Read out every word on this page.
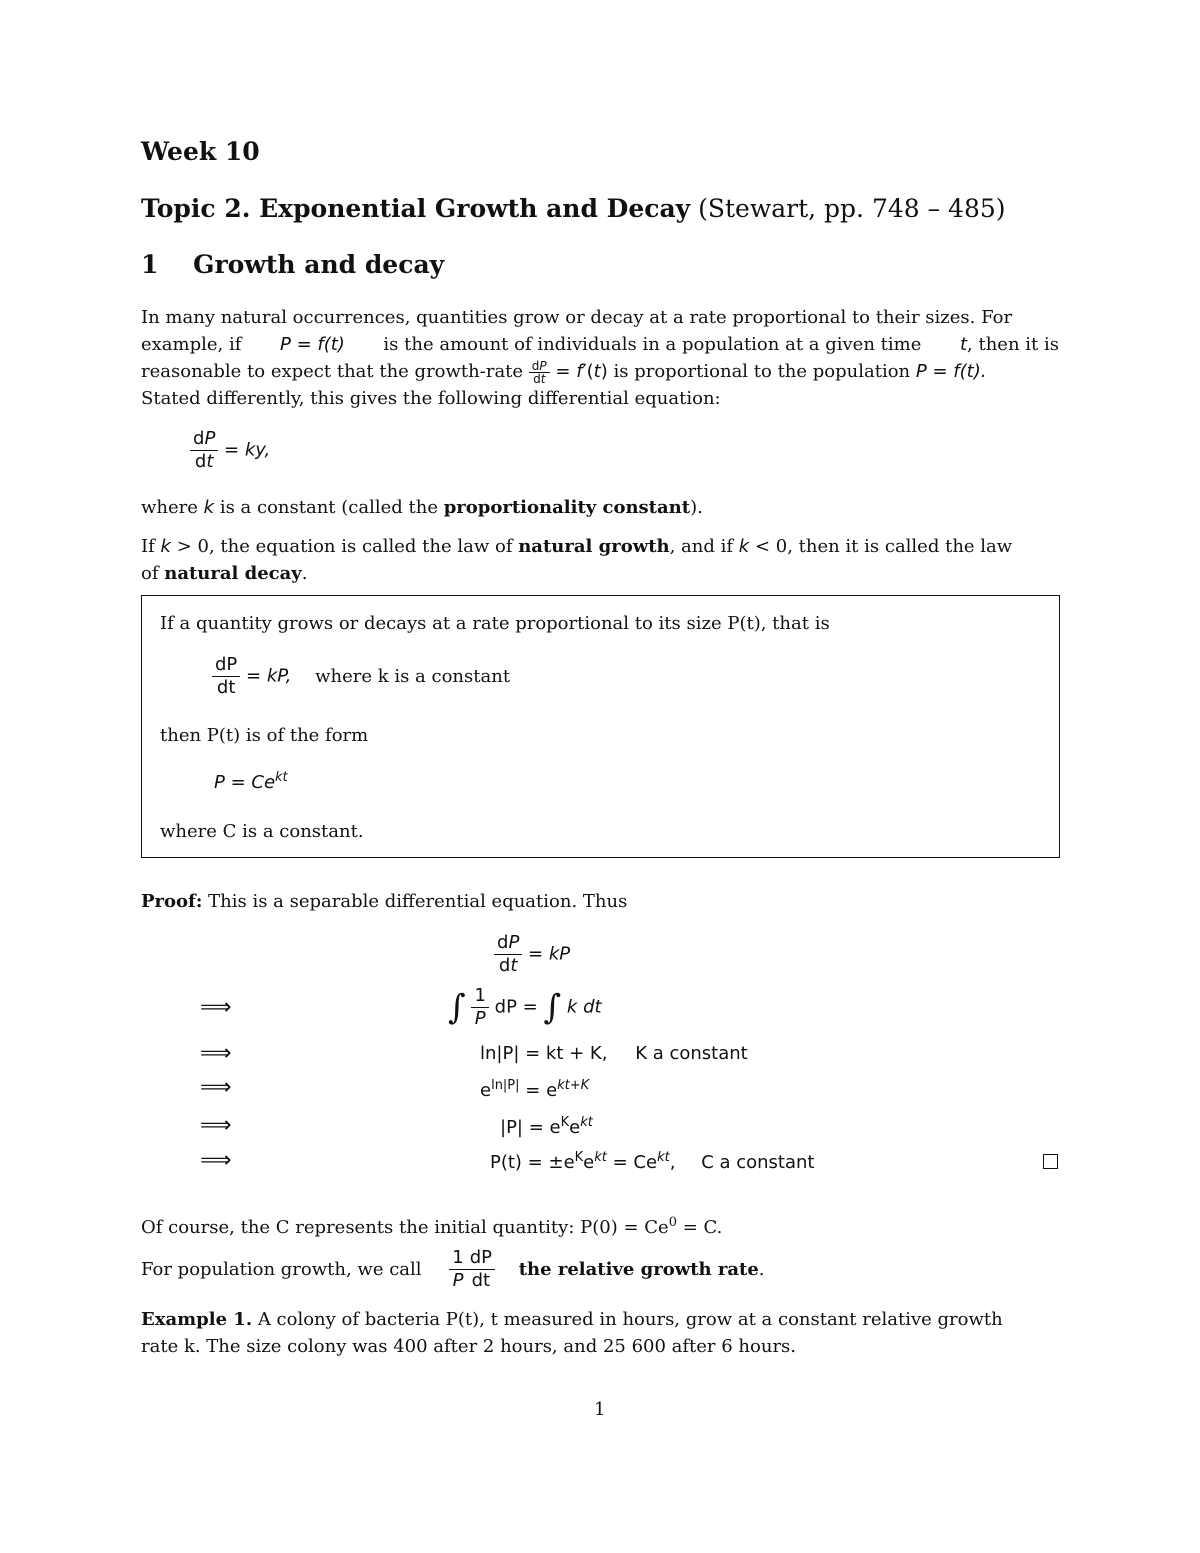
Week 10
Topic 2. Exponential Growth and Decay (Stewart, pp. 748 – 485)
1 Growth and decay
In many natural occurrences, quantities grow or decay at a rate proportional to their sizes. For
example, if P = f(t) is the amount of individuals in a population at a given time t, then it is
reasonable to expect that the growth-rate $\frac{dP}{dt} = f'(t)$ is proportional to the population P = f(t).
Stated differently, this gives the following differential equation:
$\frac{dP}{dt}$ = ky,
where k is a constant (called the proportionality constant).
If k > 0, the equation is called the law of natural growth, and if k < 0, then it is called the law
of natural decay.
If a quantity grows or decays at a rate proportional to its size P(t), that is
$\frac{dP}{dt}$ = kP, where k is a constant
then P(t) is of the form
$P = Ce^{kt}$
where C is a constant.
Proof: This is a separable differential equation. Thus
$\frac{dP}{dt}$ = kP
⟹
⟹
⟹
⟹
⟹
∫ $\frac{1}{P}$ dP = ∫ k dt
ln|P| = kt + K, K a constant
$e^{ln|P|} = e^{kt+K}$
$|P| = e^Ke^{kt}$
$P(t) = \pm e^Ke^{kt} = Ce^{kt}$, C a constant
Of course, the C represents the initial quantity: $P(0) = Ce^0 = C$.
For population growth, we call $\frac{1}{P} \frac{dP}{dt}$ the relative growth rate.
Example 1. A colony of bacteria P(t), t measured in hours, grow at a constant relative growth
rate k. The size colony was 400 after 2 hours, and 25 600 after 6 hours.
1
